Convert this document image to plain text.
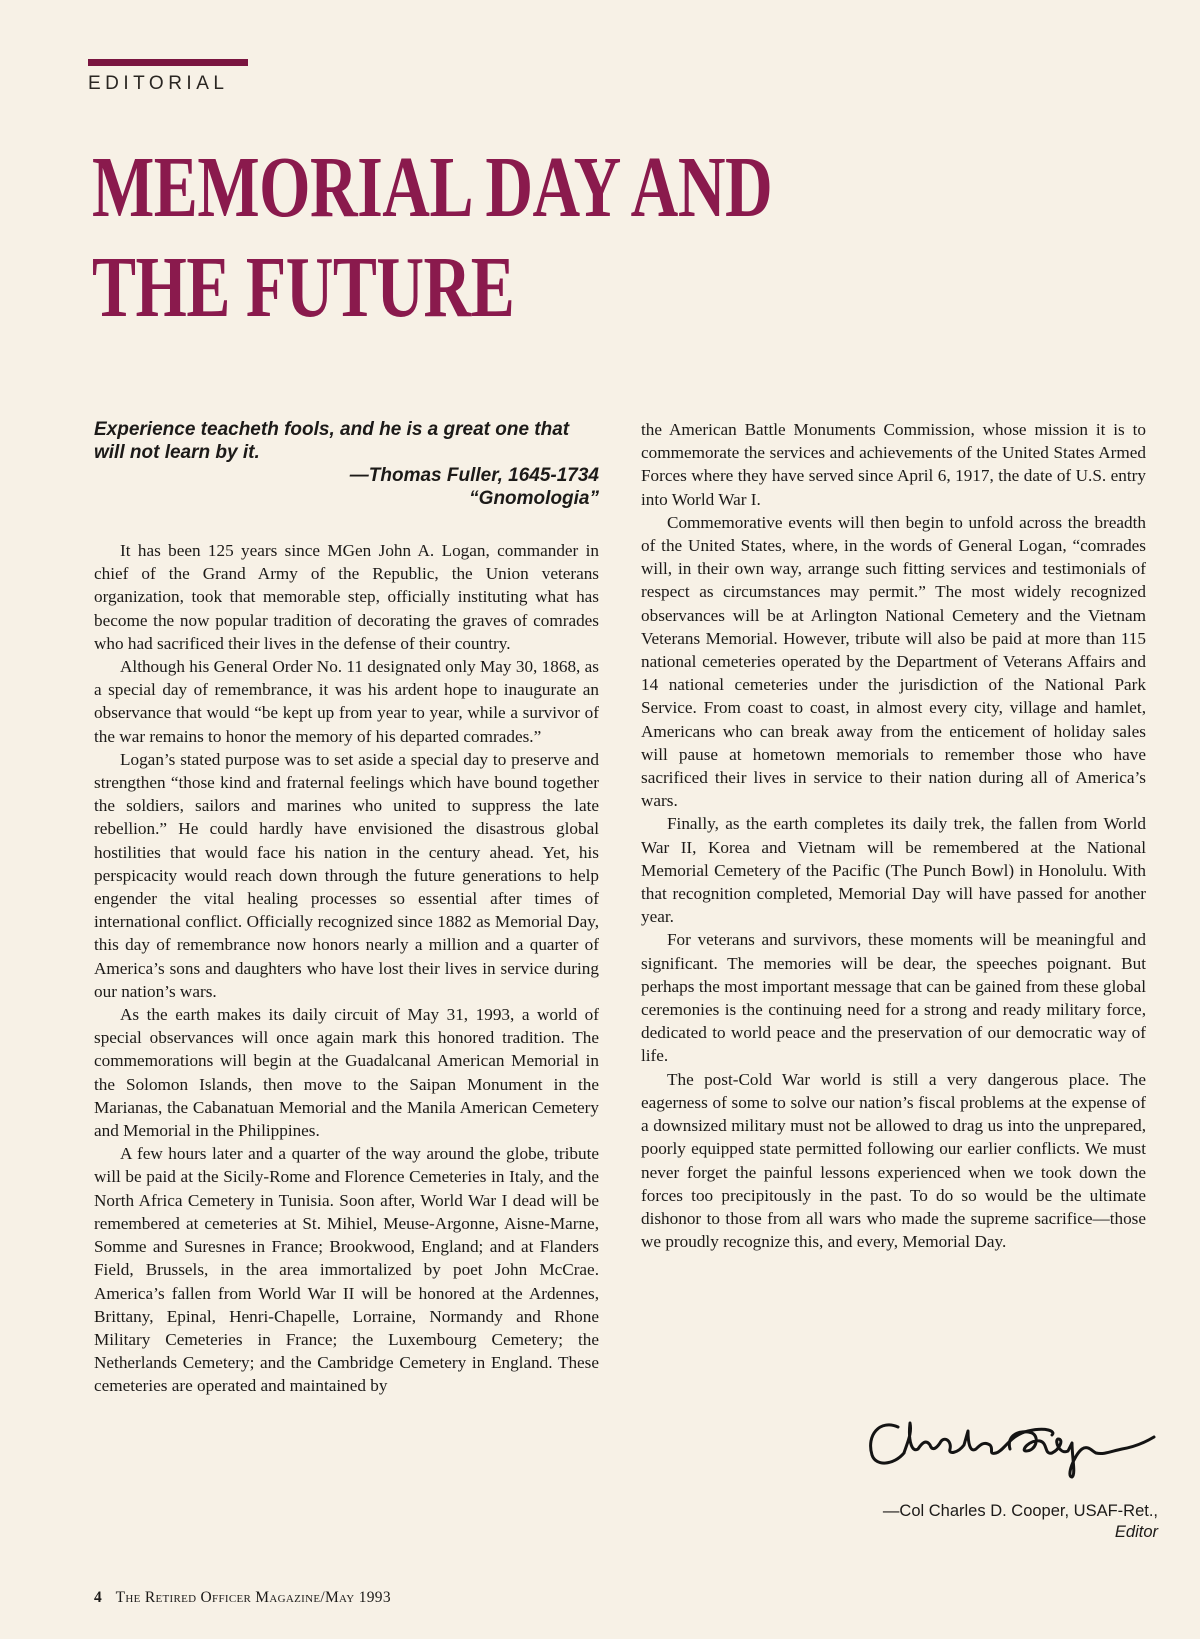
EDITORIAL
MEMORIAL DAY AND
THE FUTURE

Experience teacheth fools, and he is a great one that will not learn by it.

—Thomas Fuller, 1645-1734
“Gnomologia”

It has been 125 years since MGen John A. Logan, commander in chief of the Grand Army of the Republic, the Union veterans organization, took that memorable step, officially instituting what has become the now popular tradition of decorating the graves of comrades who had sacrificed their lives in the defense of their country.

Although his General Order No. 11 designated only May 30, 1868, as a special day of remembrance, it was his ardent hope to inaugurate an observance that would “be kept up from year to year, while a survivor of the war remains to honor the memory of his departed comrades.”

Logan’s stated purpose was to set aside a special day to preserve and strengthen “those kind and fraternal feelings which have bound together the soldiers, sailors and marines who united to suppress the late rebellion.” He could hardly have envisioned the disastrous global hostilities that would face his nation in the century ahead. Yet, his perspicacity would reach down through the future generations to help engender the vital healing processes so essential after times of international conflict. Officially recognized since 1882 as Memorial Day, this day of remembrance now honors nearly a million and a quarter of America’s sons and daughters who have lost their lives in service during our nation’s wars.

As the earth makes its daily circuit of May 31, 1993, a world of special observances will once again mark this honored tradition. The commemorations will begin at the Guadalcanal American Memorial in the Solomon Islands, then move to the Saipan Monument in the Marianas, the Cabanatuan Memorial and the Manila American Cemetery and Memorial in the Philippines.

A few hours later and a quarter of the way around the globe, tribute will be paid at the Sicily-Rome and Florence Cemeteries in Italy, and the North Africa Cemetery in Tunisia. Soon after, World War I dead will be remembered at cemeteries at St. Mihiel, Meuse-Argonne, Aisne-Marne, Somme and Suresnes in France; Brookwood, England; and at Flanders Field, Brussels, in the area immortalized by poet John McCrae. America’s fallen from World War II will be honored at the Ardennes, Brittany, Epinal, Henri-Chapelle, Lorraine, Normandy and Rhone Military Cemeteries in France; the Luxembourg Cemetery; the Netherlands Cemetery; and the Cambridge Cemetery in England. These cemeteries are operated and maintained by

the American Battle Monuments Commission, whose mission it is to commemorate the services and achievements of the United States Armed Forces where they have served since April 6, 1917, the date of U.S. entry into World War I.

Commemorative events will then begin to unfold across the breadth of the United States, where, in the words of General Logan, “comrades will, in their own way, arrange such fitting services and testimonials of respect as circumstances may permit.” The most widely recognized observances will be at Arlington National Cemetery and the Vietnam Veterans Memorial. However, tribute will also be paid at more than 115 national cemeteries operated by the Department of Veterans Affairs and 14 national cemeteries under the jurisdiction of the National Park Service. From coast to coast, in almost every city, village and hamlet, Americans who can break away from the enticement of holiday sales will pause at hometown memorials to remember those who have sacrificed their lives in service to their nation during all of America’s wars.

Finally, as the earth completes its daily trek, the fallen from World War II, Korea and Vietnam will be remembered at the National Memorial Cemetery of the Pacific (The Punch Bowl) in Honolulu. With that recognition completed, Memorial Day will have passed for another year.

For veterans and survivors, these moments will be meaningful and significant. The memories will be dear, the speeches poignant. But perhaps the most important message that can be gained from these global ceremonies is the continuing need for a strong and ready military force, dedicated to world peace and the preservation of our democratic way of life.

The post-Cold War world is still a very dangerous place. The eagerness of some to solve our nation’s fiscal problems at the expense of a downsized military must not be allowed to drag us into the unprepared, poorly equipped state permitted following our earlier conflicts. We must never forget the painful lessons experienced when we took down the forces too precipitously in the past. To do so would be the ultimate dishonor to those from all wars who made the supreme sacrifice—those we proudly recognize this, and every, Memorial Day.

—Col Charles D. Cooper, USAF-Ret.,
Editor
4 The Retired Officer Magazine/May 1993
